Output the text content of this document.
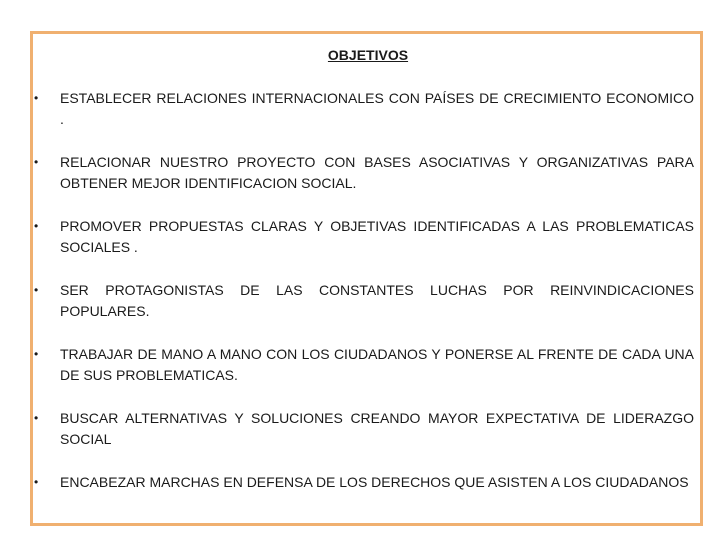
OBJETIVOS
• ESTABLECER RELACIONES INTERNACIONALES CON PAÍSES DE CRECIMIENTO ECONOMICO .
• RELACIONAR NUESTRO PROYECTO CON BASES ASOCIATIVAS Y ORGANIZATIVAS PARA OBTENER MEJOR IDENTIFICACION SOCIAL.
• PROMOVER PROPUESTAS CLARAS Y OBJETIVAS IDENTIFICADAS A LAS PROBLEMATICAS SOCIALES .
• SER PROTAGONISTAS DE LAS CONSTANTES LUCHAS POR REINVINDICACIONES POPULARES.
• TRABAJAR DE MANO A MANO CON LOS CIUDADANOS Y PONERSE AL FRENTE DE CADA UNA DE SUS PROBLEMATICAS.
• BUSCAR ALTERNATIVAS Y SOLUCIONES CREANDO MAYOR EXPECTATIVA DE LIDERAZGO SOCIAL
• ENCABEZAR MARCHAS EN DEFENSA DE LOS DERECHOS QUE ASISTEN A LOS CIUDADANOS
